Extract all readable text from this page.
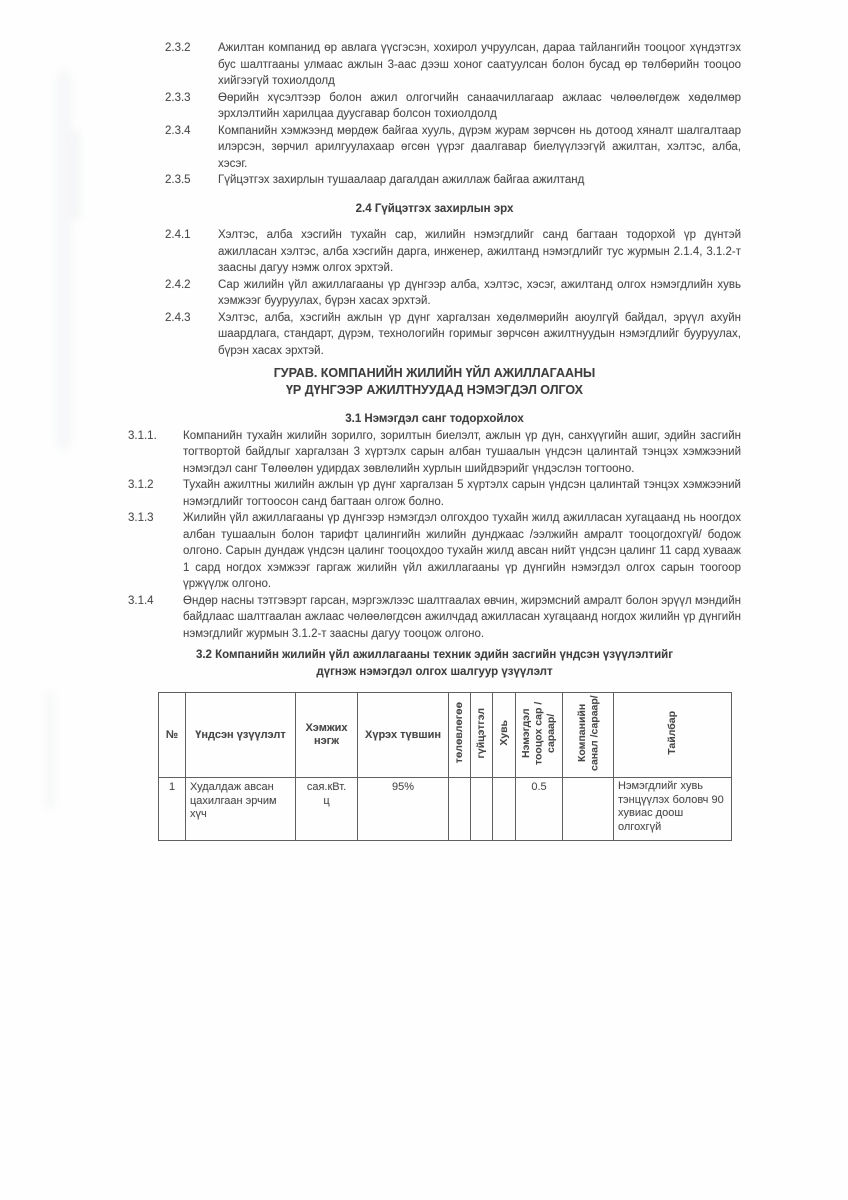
2.3.2	Ажилтан компанид өр авлага үүсгэсэн, хохирол учруулсан, дараа тайлангийн тооцоог хүндэтгэх бус шалтгааны улмаас ажлын 3-аас дээш хоног саатуулсан болон бусад өр төлбөрийн тооцоо хийгээгүй тохиолдолд
2.3.3	Өөрийн хүсэлтээр болон ажил олгогчийн санаачиллагаар ажлаас чөлөөлөгдөж хөдөлмөр эрхлэлтийн харилцаа дуусгавар болсон тохиолдолд
2.3.4	Компанийн хэмжээнд мөрдөж байгаа хууль, дүрэм журам зөрчсөн нь дотоод хяналт шалгалтаар илэрсэн, зөрчил арилгуулахаар өгсөн үүрэг даалгавар биелүүлээгүй ажилтан, хэлтэс, алба, хэсэг.
2.3.5	Гүйцэтгэх захирлын тушаалаар дагалдан ажиллаж байгаа ажилтанд
2.4 Гүйцэтгэх захирлын эрх
2.4.1	Хэлтэс, алба хэсгийн тухайн сар, жилийн нэмэгдлийг санд багтаан тодорхой үр дүнтэй ажилласан хэлтэс, алба хэсгийн дарга, инженер, ажилтанд нэмэгдлийг тус журмын 2.1.4, 3.1.2-т заасны дагуу нэмж олгох эрхтэй.
2.4.2	Сар жилийн үйл ажиллагааны үр дүнгээр алба, хэлтэс, хэсэг, ажилтанд олгох нэмэгдлийн хувь хэмжээг бууруулах, бүрэн хасах эрхтэй.
2.4.3	Хэлтэс, алба, хэсгийн ажлын үр дүнг харгалзан хөдөлмөрийн аюулгүй байдал, эрүүл ахуйн шаардлага, стандарт, дүрэм, технологийн горимыг зөрчсөн ажилтнуудын нэмэгдлийг бууруулах, бүрэн хасах эрхтэй.
ГУРАВ. КОМПАНИЙН ЖИЛИЙН ҮЙЛ АЖИЛЛАГААНЫ
ҮР ДҮНГЭЭР АЖИЛТНУУДАД НЭМЭГДЭЛ ОЛГОХ
3.1 Нэмэгдэл санг тодорхойлох
3.1.1.	Компанийн тухайн жилийн зорилго, зорилтын биелэлт, ажлын үр дүн, санхүүгийн ашиг, эдийн засгийн тогтвортой байдлыг харгалзан 3 хүртэлх сарын албан тушаалын үндсэн цалинтай тэнцэх хэмжээний нэмэгдэл санг Төлөөлөн удирдах зөвлөлийн хурлын шийдвэрийг үндэслэн тогтооно.
3.1.2	Тухайн ажилтны жилийн ажлын үр дүнг харгалзан 5 хүртэлх сарын үндсэн цалинтай тэнцэх хэмжээний нэмэгдлийг тогтоосон санд багтаан олгож болно.
3.1.3	Жилийн үйл ажиллагааны үр дүнгээр нэмэгдэл олгохдоо тухайн жилд ажилласан хугацаанд нь ноогдох албан тушаалын болон тарифт цалингийн жилийн дунджаас /ээлжийн амралт тооцогдохгүй/ бодож олгоно. Сарын дундаж үндсэн цалинг тооцохдоо тухайн жилд авсан нийт үндсэн цалинг 11 сард хувааж 1 сард ногдох хэмжээг гаргаж жилийн үйл ажиллагааны үр дүнгийн нэмэгдэл олгох сарын тоогоор үржүүлж олгоно.
3.1.4	Өндөр насны тэтгэвэрт гарсан, мэргэжлээс шалтгаалах өвчин, жирэмсний амралт болон эрүүл мэндийн байдлаас шалтгаалан ажлаас чөлөөлөгдсөн ажилчдад ажилласан хугацаанд ногдох жилийн үр дүнгийн нэмэгдлийг журмын 3.1.2-т заасны дагуу тооцож олгоно.
3.2 Компанийн жилийн үйл ажиллагааны техник эдийн засгийн үндсэн үзүүлэлтийг
дүгнэж нэмэгдэл олгох шалгуур үзүүлэлт
№	Үндсэн үзүүлэлт	Хэмжих нэгж	Хүрэх түвшин	төлөвлөгөө	гүйцэтгэл	Хувь	Нэмэгдэл тооцох сар /сараар/	Компанийн санал /сараар/	Тайлбар
1	Худалдаж авсан цахилгаан эрчим хүч	сая.кВт. ц	95%				0.5		Нэмэгдлийг хувь тэнцүүлэх боловч 90 хувиас доош олгохгүй
